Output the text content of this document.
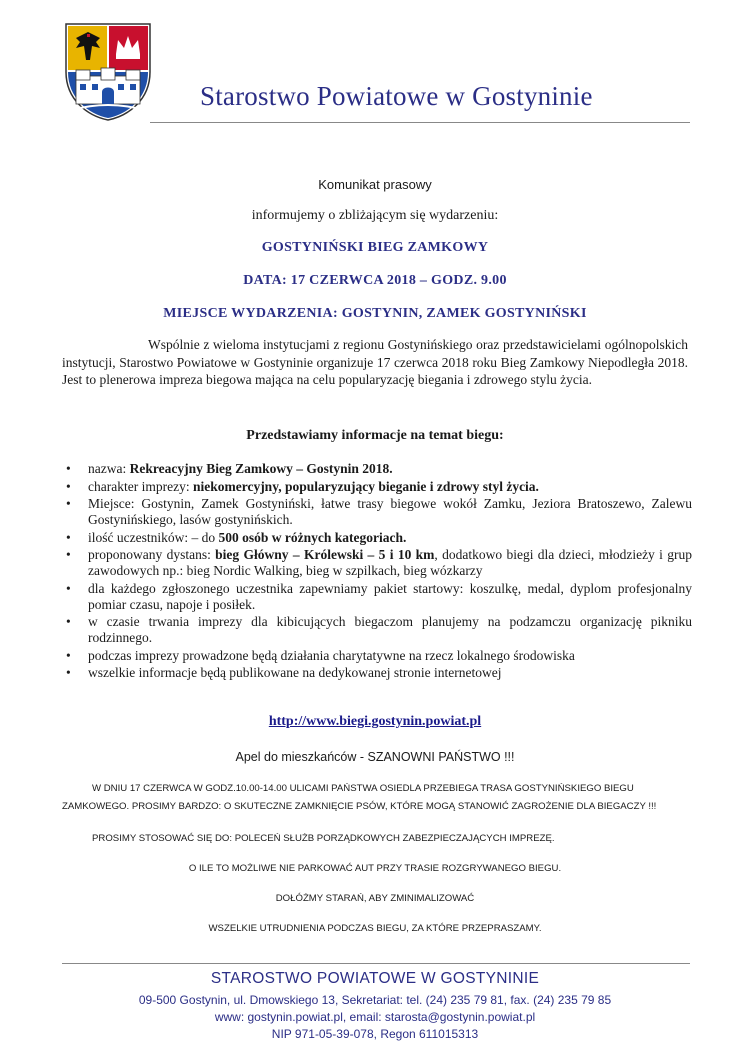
Starostwo Powiatowe w Gostyninie
Komunikat prasowy
informujemy o zbliżającym się wydarzeniu:
GOSTYNIŃSKI BIEG ZAMKOWY
DATA: 17 CZERWCA 2018 – GODZ. 9.00
MIEJSCE WYDARZENIA: GOSTYNIN, ZAMEK GOSTYNIŃSKI
Wspólnie z wieloma instytucjami z regionu Gostynińskiego oraz przedstawicielami ogólnopolskich instytucji, Starostwo Powiatowe w Gostyninie organizuje 17 czerwca 2018 roku Bieg Zamkowy Niepodległa 2018. Jest to plenerowa impreza biegowa mająca na celu popularyzację biegania i zdrowego stylu życia.
Przedstawiamy informacje na temat biegu:
• nazwa: Rekreacyjny Bieg Zamkowy – Gostynin 2018.
• charakter imprezy: niekomercyjny, popularyzujący bieganie i zdrowy styl życia.
• Miejsce: Gostynin, Zamek Gostyniński, łatwe trasy biegowe wokół Zamku, Jeziora Bratoszewo, Zalewu Gostynińskiego, lasów gostynińskich.
• ilość uczestników: – do 500 osób w różnych kategoriach.
• proponowany dystans: bieg Główny – Królewski – 5 i 10 km, dodatkowo biegi dla dzieci, młodzieży i grup zawodowych np.: bieg Nordic Walking, bieg w szpilkach, bieg wózkarzy
• dla każdego zgłoszonego uczestnika zapewniamy pakiet startowy: koszulkę, medal, dyplom profesjonalny pomiar czasu, napoje i posiłek.
• w czasie trwania imprezy dla kibicujących biegaczom planujemy na podzamczu organizację pikniku rodzinnego.
• podczas imprezy prowadzone będą działania charytatywne na rzecz lokalnego środowiska
• wszelkie informacje będą publikowane na dedykowanej stronie internetowej
http://www.biegi.gostynin.powiat.pl
Apel do mieszkańców - SZANOWNI PAŃSTWO !!!
W DNIU 17 CZERWCA W GODZ.10.00-14.00 ULICAMI PAŃSTWA OSIEDLA PRZEBIEGA TRASA GOSTYNIŃSKIEGO BIEGU
ZAMKOWEGO. PROSIMY BARDZO: O SKUTECZNE ZAMKNIĘCIE PSÓW, KTÓRE MOGĄ STANOWIĆ ZAGROŻENIE DLA BIEGACZY !!!
PROSIMY STOSOWAĆ SIĘ DO: POLECEŃ SŁUŻB PORZĄDKOWYCH ZABEZPIECZAJĄCYCH IMPREZĘ.
O ILE TO MOŻLIWE NIE PARKOWAĆ AUT PRZY TRASIE ROZGRYWANEGO BIEGU.
DOŁÓŻMY STARAŃ, ABY ZMINIMALIZOWAĆ
WSZELKIE UTRUDNIENIA PODCZAS BIEGU, ZA KTÓRE PRZEPRASZAMY.
STAROSTWO POWIATOWE W GOSTYNINIE
09-500 Gostynin, ul. Dmowskiego 13, Sekretariat: tel. (24) 235 79 81, fax. (24) 235 79 85
www: gostynin.powiat.pl, email: starosta@gostynin.powiat.pl
NIP 971-05-39-078, Regon 611015313
